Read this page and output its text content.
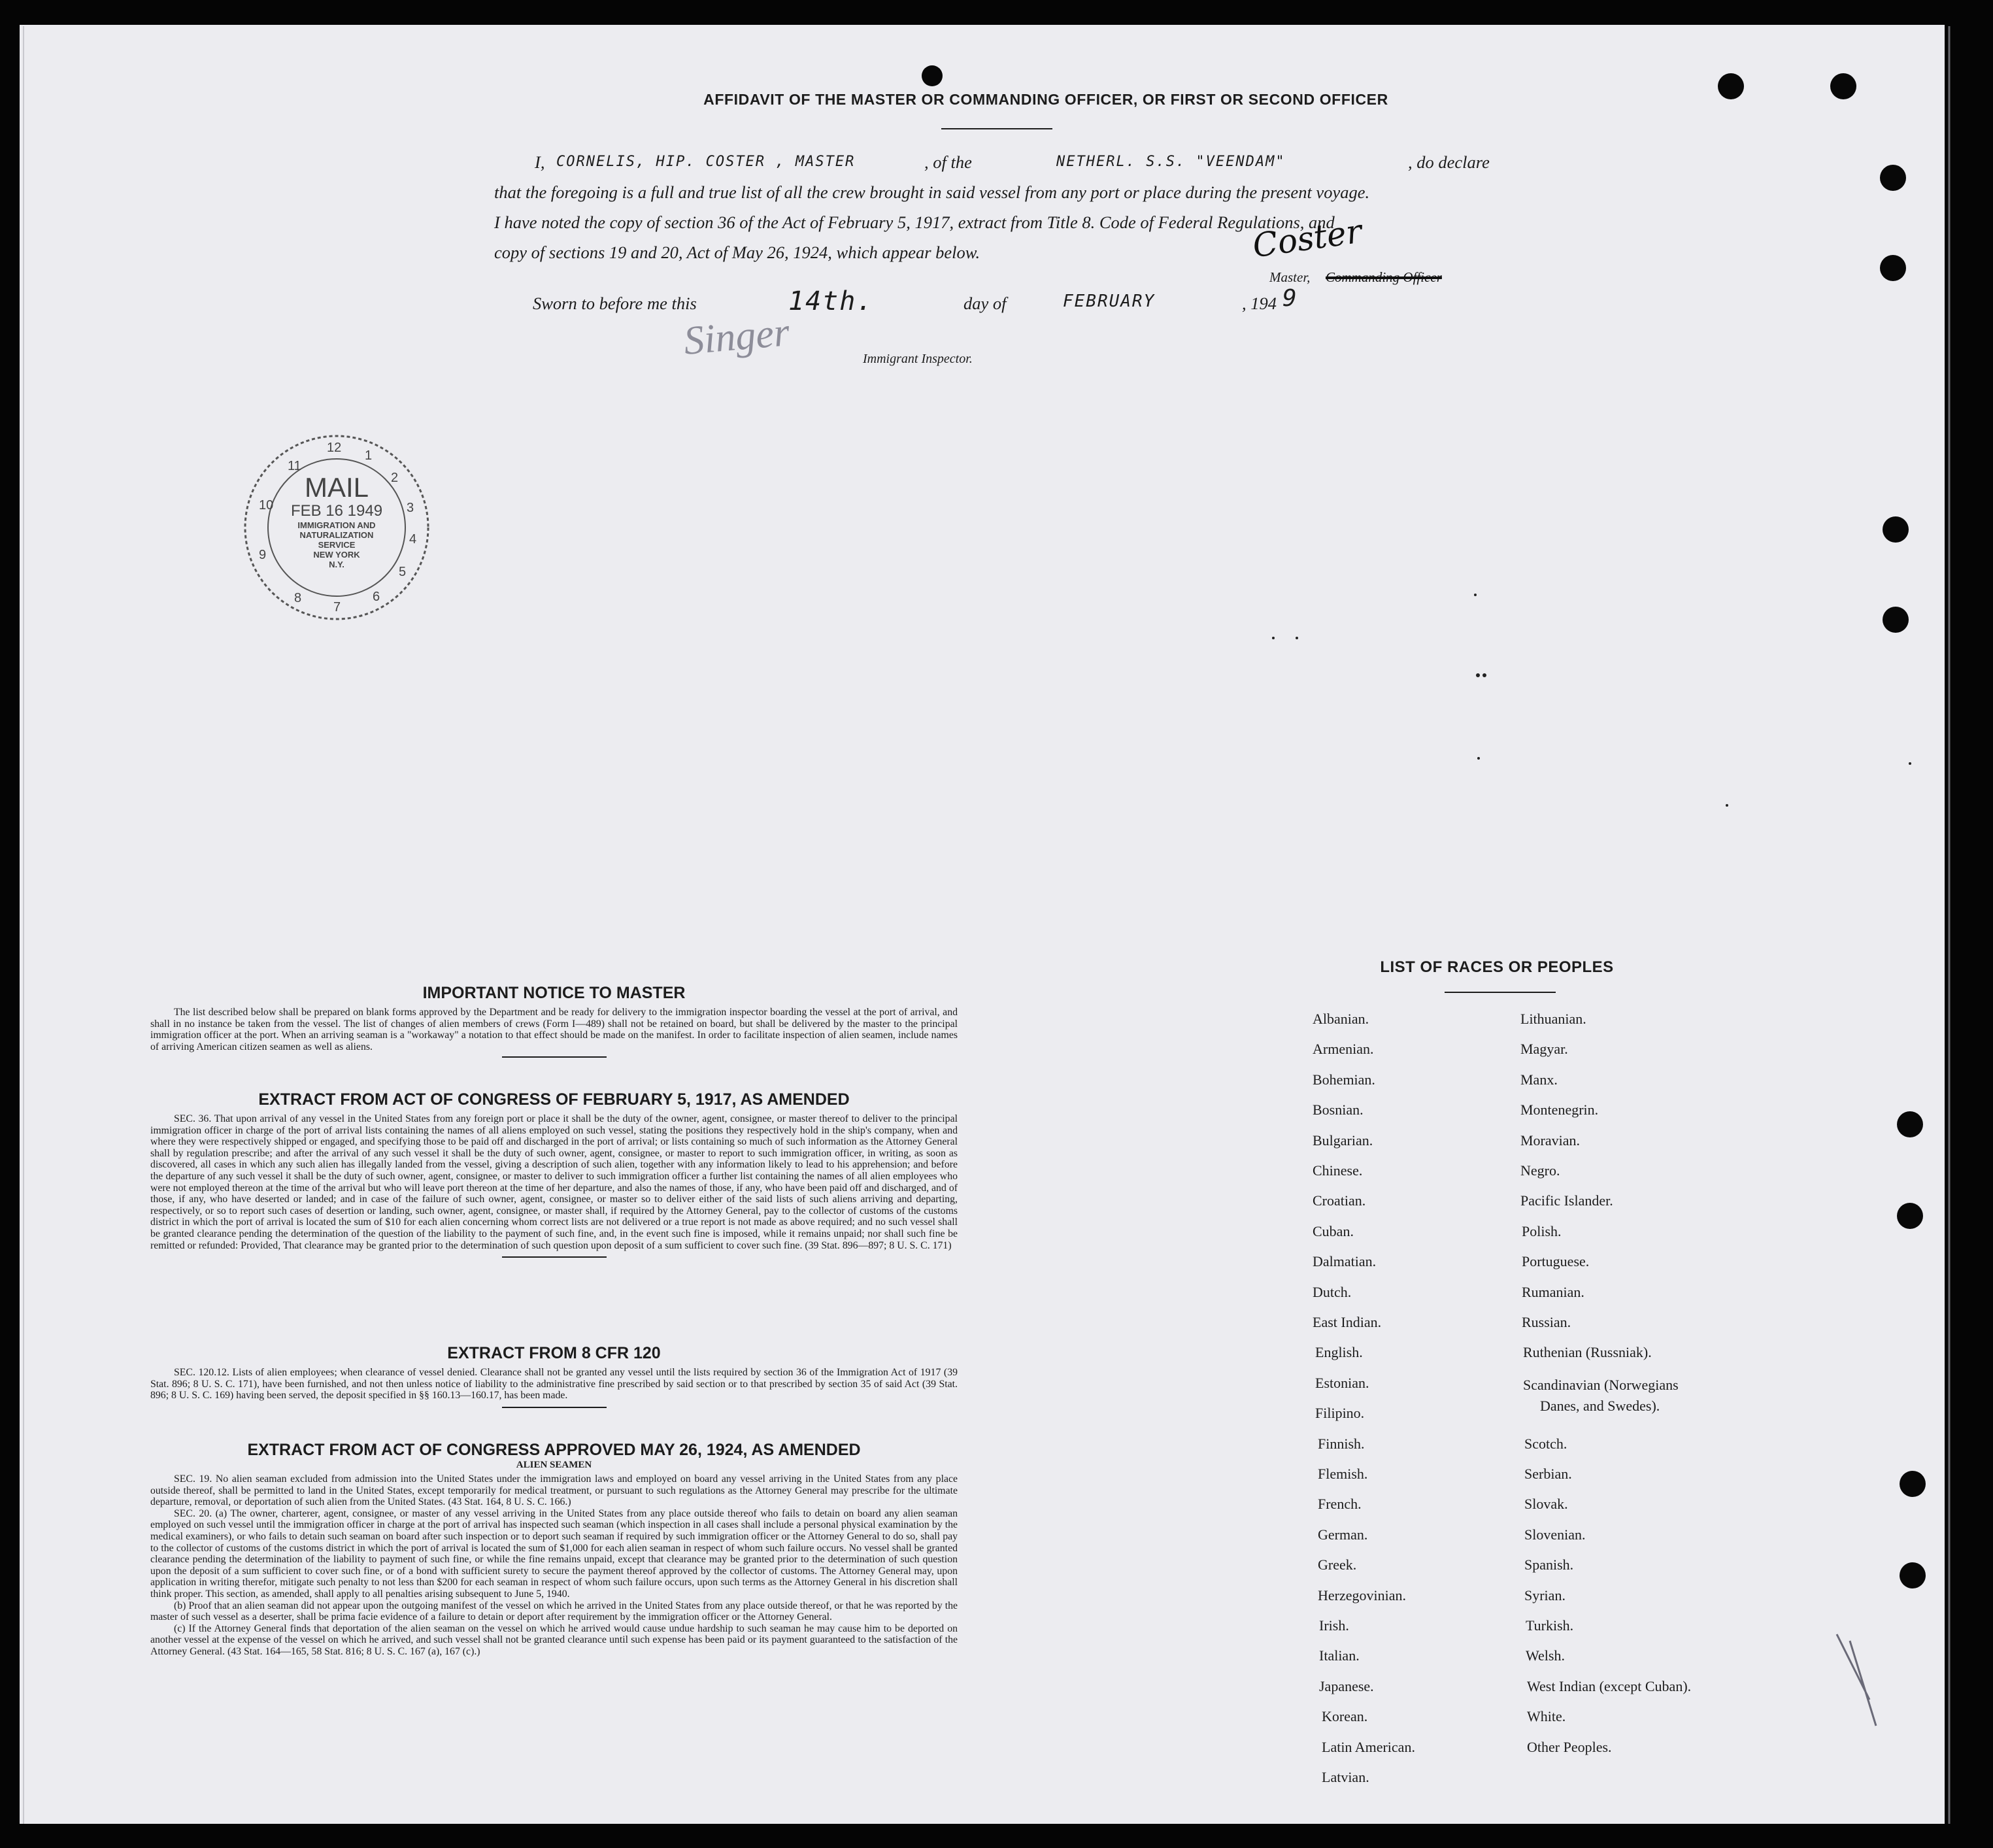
AFFIDAVIT OF THE MASTER OR COMMANDING OFFICER, OR FIRST OR SECOND OFFICER
I, CORNELIS, HIP. COSTER , MASTER	, of the	NETHERL. S.S. "VEENDAM"	, do declare
that the foregoing is a full and true list of all the crew brought in said vessel from any port or place during the present voyage.
I have noted the copy of section 36 of the Act of February 5, 1917, extract from Title 8. Code of Federal Regulations, and
copy of sections 19 and 20, Act of May 26, 1924, which appear below.	Coster
Master, Commanding Officer
Sworn to before me this	14th.	day of	FEBRUARY	, 194 9
Singer	Immigrant Inspector.
12
1
2
3
4
5
6
7
8
9
10
11
MAIL
FEB 16 1949
IMMIGRATION AND
NATURALIZATION
SERVICE
NEW YORK
N.Y.
IMPORTANT NOTICE TO MASTER

The list described below shall be prepared on blank forms approved by the Department and be ready for delivery to the immigration inspector boarding the vessel at the port of arrival, and shall in no instance be taken from the vessel. The list of changes of alien members of crews (Form I—489) shall not be retained on board, but shall be delivered by the master to the principal immigration officer at the port. When an arriving seaman is a "workaway" a notation to that effect should be made on the manifest. In order to facilitate inspection of alien seamen, include names of arriving American citizen seamen as well as aliens.

EXTRACT FROM ACT OF CONGRESS OF FEBRUARY 5, 1917, AS AMENDED

SEC. 36. That upon arrival of any vessel in the United States from any foreign port or place it shall be the duty of the owner, agent, consignee, or master thereof to deliver to the principal immigration officer in charge of the port of arrival lists containing the names of all aliens employed on such vessel, stating the positions they respectively hold in the ship's company, when and where they were respectively shipped or engaged, and specifying those to be paid off and discharged in the port of arrival; or lists containing so much of such information as the Attorney General shall by regulation prescribe; and after the arrival of any such vessel it shall be the duty of such owner, agent, consignee, or master to report to such immigration officer, in writing, as soon as discovered, all cases in which any such alien has illegally landed from the vessel, giving a description of such alien, together with any information likely to lead to his apprehension; and before the departure of any such vessel it shall be the duty of such owner, agent, consignee, or master to deliver to such immigration officer a further list containing the names of all alien employees who were not employed thereon at the time of the arrival but who will leave port thereon at the time of her departure, and also the names of those, if any, who have been paid off and discharged, and of those, if any, who have deserted or landed; and in case of the failure of such owner, agent, consignee, or master so to deliver either of the said lists of such aliens arriving and departing, respectively, or so to report such cases of desertion or landing, such owner, agent, consignee, or master shall, if required by the Attorney General, pay to the collector of customs of the customs district in which the port of arrival is located the sum of $10 for each alien concerning whom correct lists are not delivered or a true report is not made as above required; and no such vessel shall be granted clearance pending the determination of the question of the liability to the payment of such fine, and, in the event such fine is imposed, while it remains unpaid; nor shall such fine be remitted or refunded: Provided, That clearance may be granted prior to the determination of such question upon deposit of a sum sufficient to cover such fine. (39 Stat. 896—897; 8 U. S. C. 171)

EXTRACT FROM 8 CFR 120

SEC. 120.12. Lists of alien employees; when clearance of vessel denied. Clearance shall not be granted any vessel until the lists required by section 36 of the Immigration Act of 1917 (39 Stat. 896; 8 U. S. C. 171), have been furnished, and not then unless notice of liability to the administrative fine prescribed by said section or to that prescribed by section 35 of said Act (39 Stat. 896; 8 U. S. C. 169) having been served, the deposit specified in §§ 160.13—160.17, has been made.

EXTRACT FROM ACT OF CONGRESS APPROVED MAY 26, 1924, AS AMENDED
ALIEN SEAMEN

SEC. 19. No alien seaman excluded from admission into the United States under the immigration laws and employed on board any vessel arriving in the United States from any place outside thereof, shall be permitted to land in the United States, except temporarily for medical treatment, or pursuant to such regulations as the Attorney General may prescribe for the ultimate departure, removal, or deportation of such alien from the United States. (43 Stat. 164, 8 U. S. C. 166.)

SEC. 20. (a) The owner, charterer, agent, consignee, or master of any vessel arriving in the United States from any place outside thereof who fails to detain on board any alien seaman employed on such vessel until the immigration officer in charge at the port of arrival has inspected such seaman (which inspection in all cases shall include a personal physical examination by the medical examiners), or who fails to detain such seaman on board after such inspection or to deport such seaman if required by such immigration officer or the Attorney General to do so, shall pay to the collector of customs of the customs district in which the port of arrival is located the sum of $1,000 for each alien seaman in respect of whom such failure occurs. No vessel shall be granted clearance pending the determination of the liability to payment of such fine, or while the fine remains unpaid, except that clearance may be granted prior to the determination of such question upon the deposit of a sum sufficient to cover such fine, or of a bond with sufficient surety to secure the payment thereof approved by the collector of customs. The Attorney General may, upon application in writing therefor, mitigate such penalty to not less than $200 for each seaman in respect of whom such failure occurs, upon such terms as the Attorney General in his discretion shall think proper. This section, as amended, shall apply to all penalties arising subsequent to June 5, 1940.

(b) Proof that an alien seaman did not appear upon the outgoing manifest of the vessel on which he arrived in the United States from any place outside thereof, or that he was reported by the master of such vessel as a deserter, shall be prima facie evidence of a failure to detain or deport after requirement by the immigration officer or the Attorney General.

(c) If the Attorney General finds that deportation of the alien seaman on the vessel on which he arrived would cause undue hardship to such seaman he may cause him to be deported on another vessel at the expense of the vessel on which he arrived, and such vessel shall not be granted clearance until such expense has been paid or its payment guaranteed to the satisfaction of the Attorney General. (43 Stat. 164—165, 58 Stat. 816; 8 U. S. C. 167 (a), 167 (c).)

LIST OF RACES OR PEOPLES
Albanian.
Armenian.
Bohemian.
Bosnian.
Bulgarian.
Chinese.
Croatian.
Cuban.
Dalmatian.
Dutch.
East Indian.
English.
Estonian.
Filipino.
Finnish.
Flemish.
French.
German.
Greek.
Herzegovinian.
Irish.
Italian.
Japanese.
Korean.
Latin American.
Latvian.
Lithuanian.
Magyar.
Manx.
Montenegrin.
Moravian.
Negro.
Pacific Islander.
Polish.
Portuguese.
Rumanian.
Russian.
Ruthenian (Russniak).
Scandinavian (Norwegians
Danes, and Swedes).
Scotch.
Serbian.
Slovak.
Slovenian.
Spanish.
Syrian.
Turkish.
Welsh.
West Indian (except Cuban).
White.
Other Peoples.
